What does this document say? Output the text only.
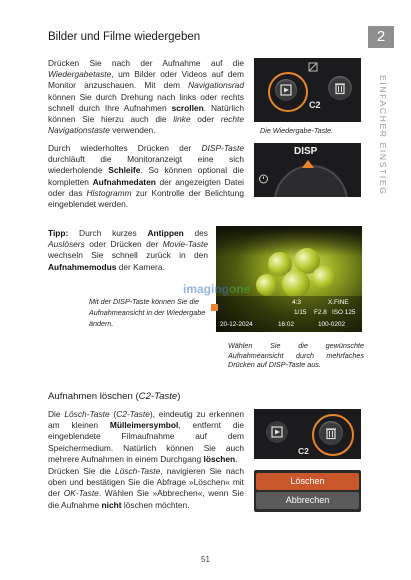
Bilder und Filme wiedergeben	2
EINFACHER EINSTIEG
Drücken Sie nach der Aufnahme auf die Wiedergabetaste, um Bilder oder Videos auf dem Monitor anzuschauen. Mit dem Navigationsrad können Sie durch Drehung nach links oder rechts schnell durch Ihre Aufnahmen scrollen. Natürlich können Sie hierzu auch die linke oder rechte Navigationstaste verwenden.
Durch wiederholtes Drücken der DISP-Taste durchläuft die Monitoranzeigt eine sich wiederholende Schleife. So können optional die kompletten Aufnahmedaten der angezeigten Datei oder das Histogramm zur Kontrolle der Belichtung eingeblendet werden.
C2
Die Wiedergabe-Taste.
DISP
Tipp: Durch kurzes Antippen des Auslösers oder Drücken der Movie-Taste wechseln Sie schnell zurück in den Aufnahmemodus der Kamera.
4:3	X.FINE
1/15 F2.8 ISO 125
20-12-2024	16:02	100-0202
imagingone
Mit der DISP-Taste können Sie die Aufnahmeansicht in der Wiedergabe ändern.
Wählen Sie die gewünschte Aufnahmeansicht durch mehrfaches Drücken auf DISP-Taste aus.
Aufnahmen löschen (C2-Taste)
Die Lösch-Taste (C2-Taste), eindeutig zu erkennen am kleinen Mülleimersymbol, entfernt die eingeblendete Filmaufnahme auf dem Speichermedium. Natürlich können Sie auch mehrere Aufnahmen in einem Durchgang löschen.
Drücken Sie die Lösch-Taste, navigieren Sie nach oben und bestätigen Sie die Abfrage »Löschen« mit der OK-Taste. Wählen Sie »Abbrechen«, wenn Sie die Aufnahme nicht löschen möchten.
C2
Löschen
Abbrechen
51
